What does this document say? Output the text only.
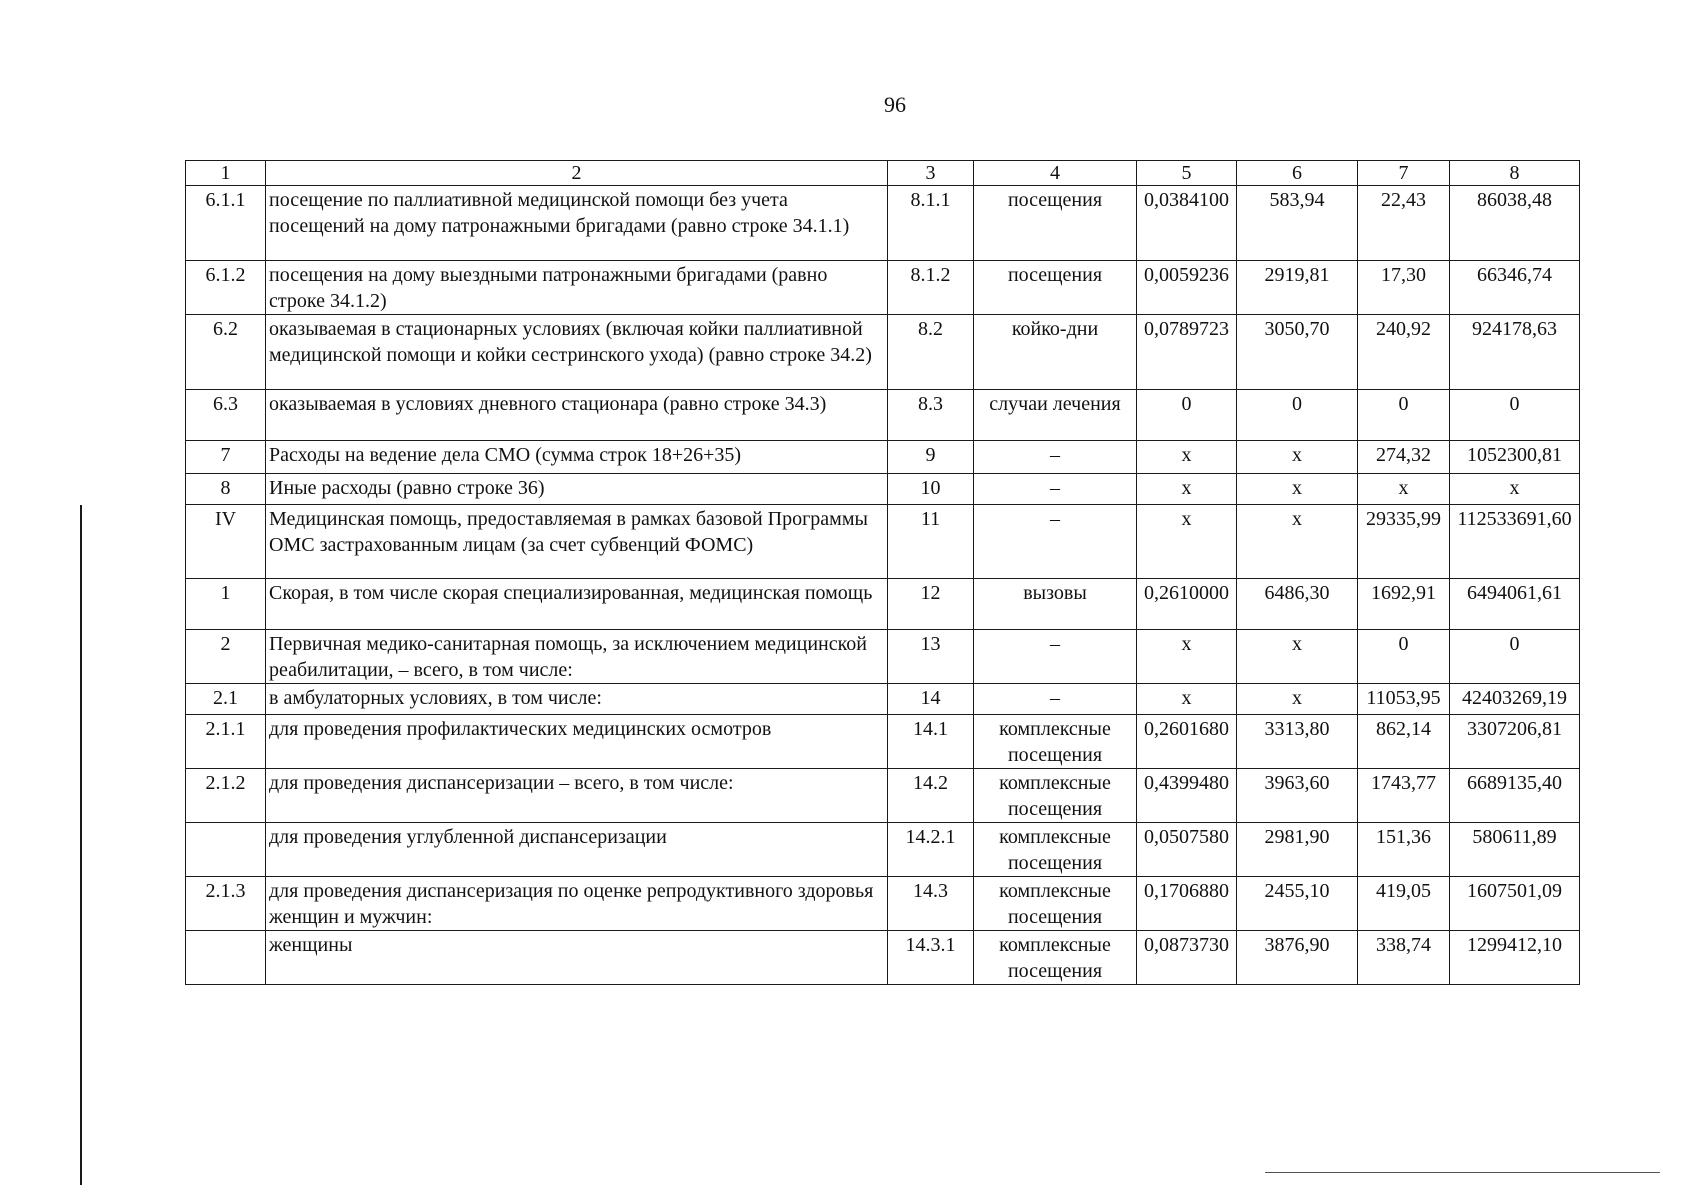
96
1	2	3	4	5	6	7	8
6.1.1	посещение по паллиативной медицинской помощи без учета посещений на дому патронажными бригадами (равно строке 34.1.1)	8.1.1	посещения	0,0384100	583,94	22,43	86038,48
6.1.2	посещения на дому выездными патронажными бригадами (равно строке 34.1.2)	8.1.2	посещения	0,0059236	2919,81	17,30	66346,74
6.2	оказываемая в стационарных условиях (включая койки паллиативной медицинской помощи и койки сестринского ухода) (равно строке 34.2)	8.2	койко-дни	0,0789723	3050,70	240,92	924178,63
6.3	оказываемая в условиях дневного стационара (равно строке 34.3)	8.3	случаи лечения	0	0	0	0
7	Расходы на ведение дела СМО (сумма строк 18+26+35)	9	–	х	х	274,32	1052300,81
8	Иные расходы (равно строке 36)	10	–	х	х	х	х
IV	Медицинская помощь, предоставляемая в рамках базовой Программы ОМС застрахованным лицам (за счет субвенций ФОМС)	11	–	х	х	29335,99	112533691,60
1	Скорая, в том числе скорая специализированная, медицинская помощь	12	вызовы	0,2610000	6486,30	1692,91	6494061,61
2	Первичная медико-санитарная помощь, за исключением медицинской реабилитации, – всего, в том числе:	13	–	х	х	0	0
2.1	в амбулаторных условиях, в том числе:	14	–	х	х	11053,95	42403269,19
2.1.1	для проведения профилактических медицинских осмотров	14.1	комплексные посещения	0,2601680	3313,80	862,14	3307206,81
2.1.2	для проведения диспансеризации – всего, в том числе:	14.2	комплексные посещения	0,4399480	3963,60	1743,77	6689135,40
	для проведения углубленной диспансеризации	14.2.1	комплексные посещения	0,0507580	2981,90	151,36	580611,89
2.1.3	для проведения диспансеризация по оценке репродуктивного здоровья женщин и мужчин:	14.3	комплексные посещения	0,1706880	2455,10	419,05	1607501,09
	женщины	14.3.1	комплексные посещения	0,0873730	3876,90	338,74	1299412,10
